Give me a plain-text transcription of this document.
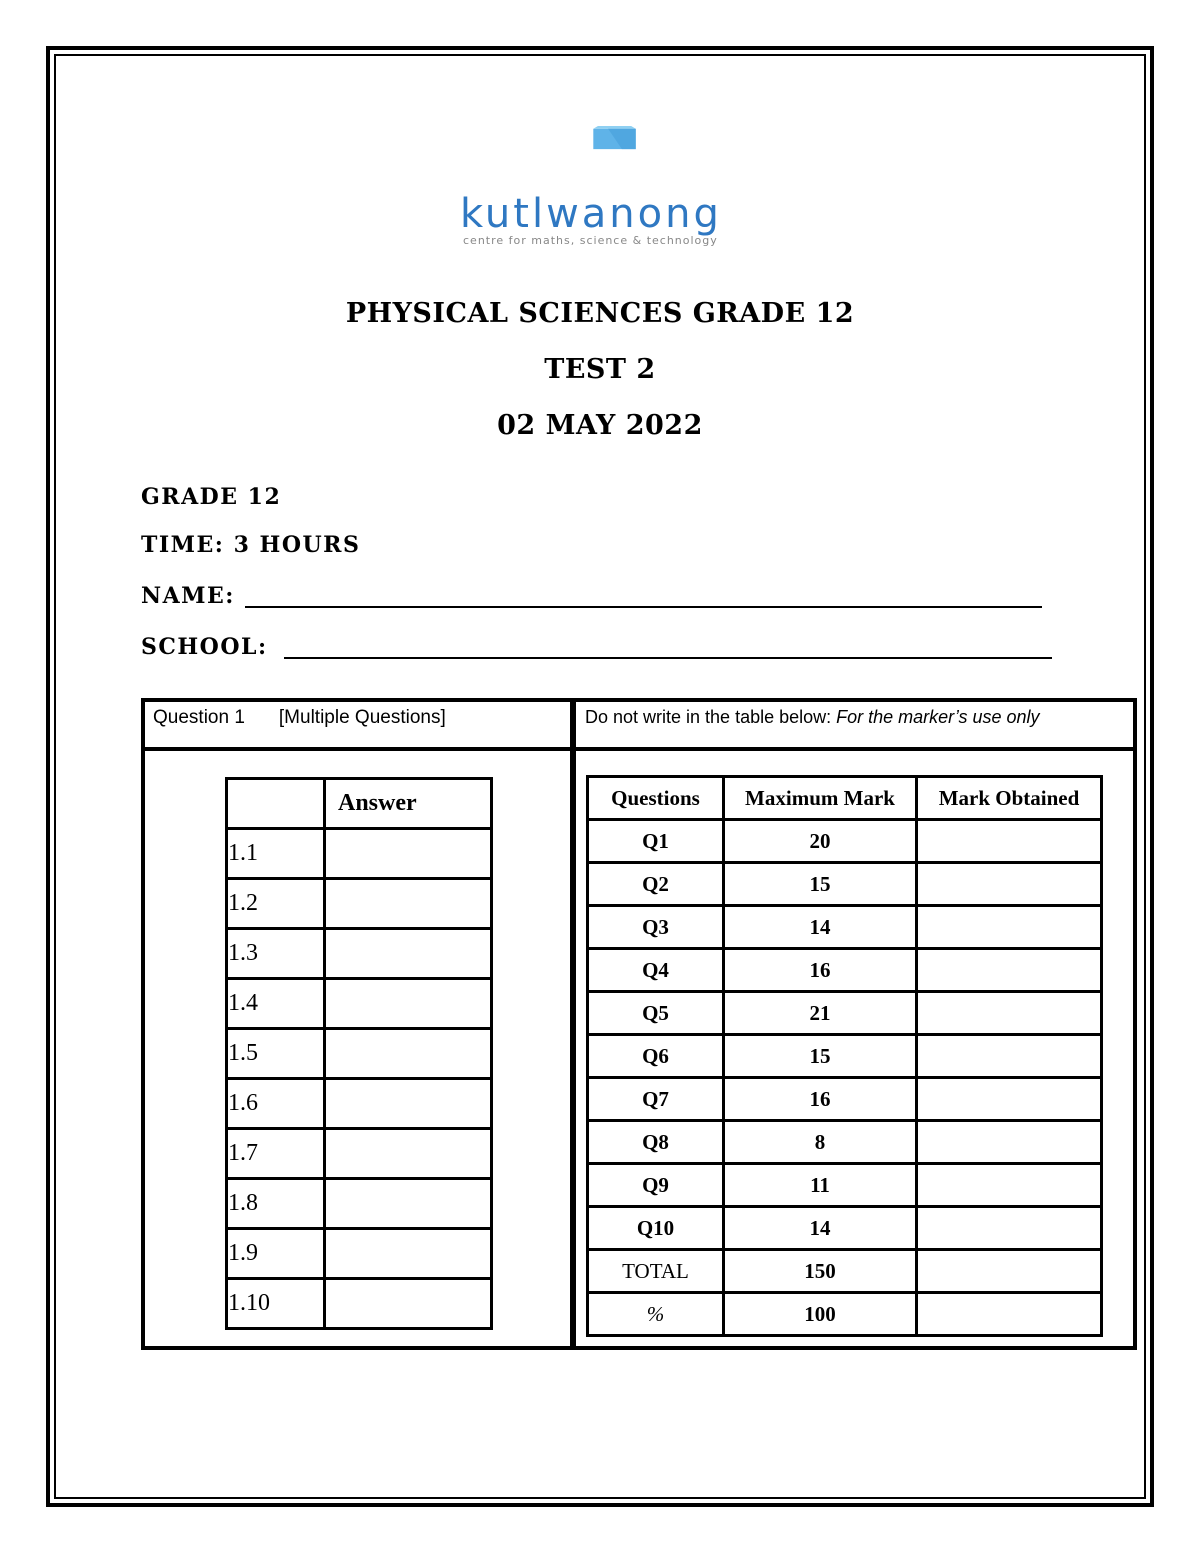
kutlwanong
centre for maths, science & technology
PHYSICAL SCIENCES GRADE 12
TEST 2
02 MAY 2022
GRADE 12
TIME: 3 HOURS
NAME:
SCHOOL:
Question 1 [Multiple Questions]
	Answer
1.1	
1.2	
1.3	
1.4	
1.5	
1.6	
1.7	
1.8	
1.9	
1.10	
Do not write in the table below: For the marker’s use only
Questions	Maximum Mark	Mark Obtained
Q1	20	
Q2	15	
Q3	14	
Q4	16	
Q5	21	
Q6	15	
Q7	16	
Q8	8	
Q9	11	
Q10	14	
TOTAL	150	
%	100	
